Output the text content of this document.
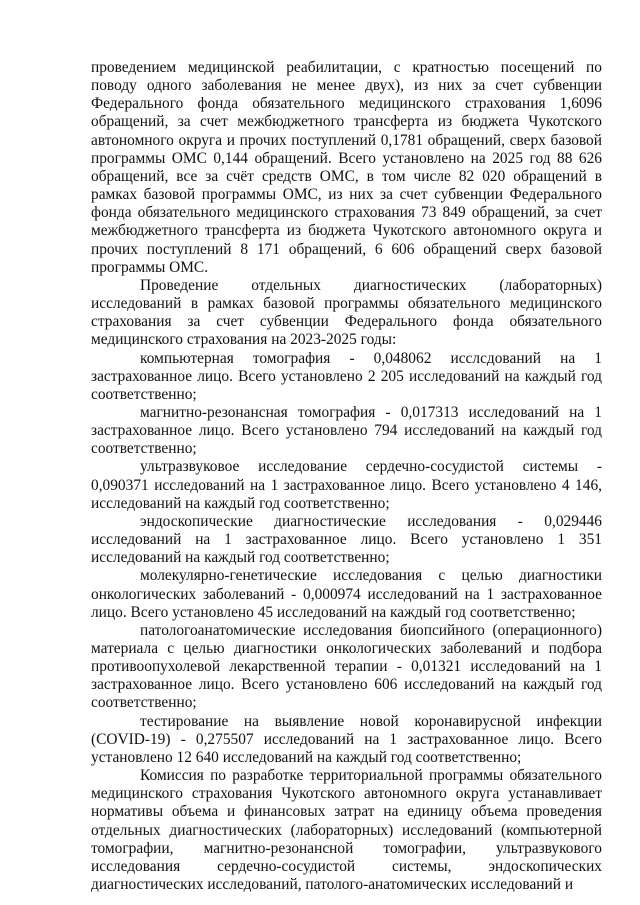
проведением медицинской реабилитации, с кратностью посещений по поводу одного заболевания не менее двух), из них за счет субвенции Федерального фонда обязательного медицинского страхования 1,6096 обращений, за счет межбюджетного трансферта из бюджета Чукотского автономного округа и прочих поступлений 0,1781 обращений, сверх базовой программы ОМС 0,144 обращений. Всего установлено на 2025 год 88 626 обращений, все за счёт средств ОМС, в том числе 82 020 обращений в рамках базовой программы ОМС, из них за счет субвенции Федерального фонда обязательного медицинского страхования 73 849 обращений, за счет межбюджетного трансферта из бюджета Чукотского автономного округа и прочих поступлений 8 171 обращений, 6 606 обращений сверх базовой программы ОМС.

Проведение отдельных диагностических (лабораторных) исследований в рамках базовой программы обязательного медицинского страхования за счет субвенции Федерального фонда обязательного медицинского страхования на 2023-2025 годы:

компьютерная томография - 0,048062 исслсдований на 1 застрахованное лицо. Всего установлено 2 205 исследований на каждый год соответственно;

магнитно-резонансная томография - 0,017313 исследований на 1 застрахованное лицо. Всего установлено 794 исследований на каждый год соответственно;

ультразвуковое исследование сердечно-сосудистой системы - 0,090371 исследований на 1 застрахованное лицо. Всего установлено 4 146, исследований на каждый год соответственно;

эндоскопические диагностические исследования - 0,029446 исследований на 1 застрахованное лицо. Всего установлено 1 351 исследований на каждый год соответственно;

молекулярно-генетические исследования с целью диагностики онкологических заболеваний - 0,000974 исследований на 1 застрахованное лицо. Всего установлено 45 исследований на каждый год соответственно;

патологоанатомические исследования биопсийного (операционного) материала с целью диагностики онкологических заболеваний и подбора противоопухолевой лекарственной терапии - 0,01321 исследований на 1 застрахованное лицо. Всего установлено 606 исследований на каждый год соответственно;

тестирование на выявление новой коронавирусной инфекции (COVID-19) - 0,275507 исследований на 1 застрахованное лицо. Всего установлено 12 640 исследований на каждый год соответственно;

Комиссия по разработке территориальной программы обязательного медицинского страхования Чукотского автономного округа устанавливает нормативы объема и финансовых затрат на единицу объема проведения отдельных диагностических (лабораторных) исследований (компьютерной томографии, магнитно-резонансной томографии, ультразвукового исследования сердечно-сосудистой системы, эндоскопических диагностических исследований, патолого-анатомических исследований и
